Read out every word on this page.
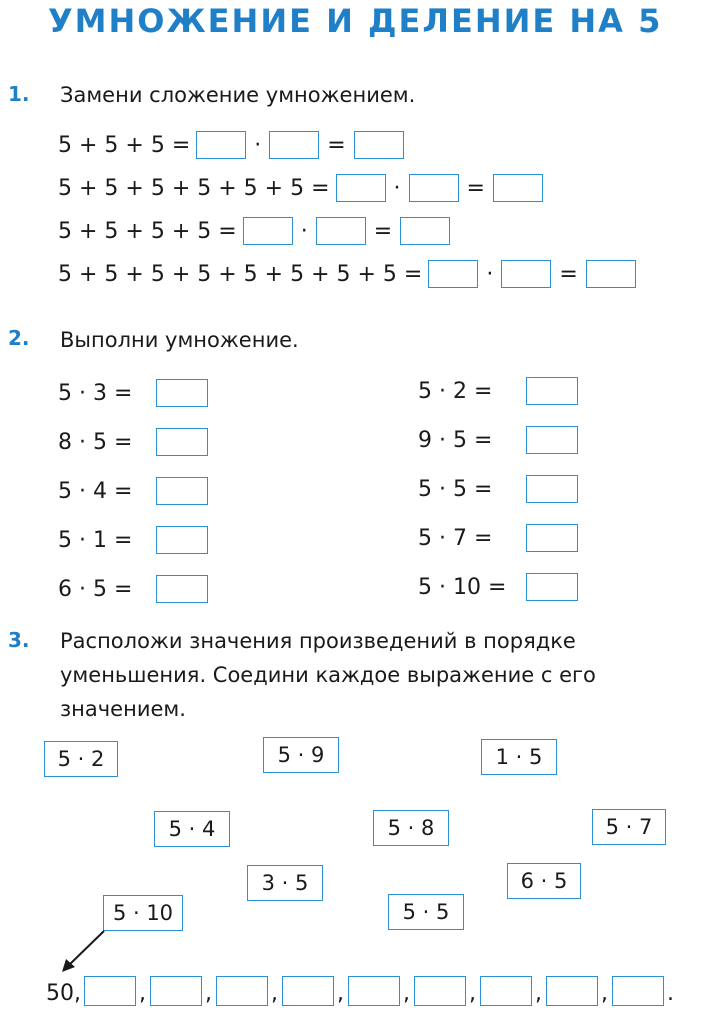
УМНОЖЕНИЕ И ДЕЛЕНИЕ НА 5
1. Замени сложение умножением.
5 + 5 + 5 =	·	=
5 + 5 + 5 + 5 + 5 + 5 =	·	=
5 + 5 + 5 + 5 =	·	=
5 + 5 + 5 + 5 + 5 + 5 + 5 + 5 =	·	=
2. Выполни умножение.
5 · 3 =
8 · 5 =
5 · 4 =
5 · 1 =
6 · 5 =
5 · 2 =
9 · 5 =
5 · 5 =
5 · 7 =
5 · 10 =
3. Расположи значения произведений в порядке
уменьшения. Соедини каждое выражение с его
значением.
5 · 2	5 · 9	1 · 5
5 · 4	5 · 8	5 · 7
3 · 5	6 · 5
5 · 10	5 · 5
50,	,	,	,	,	,	,	,	,	.
